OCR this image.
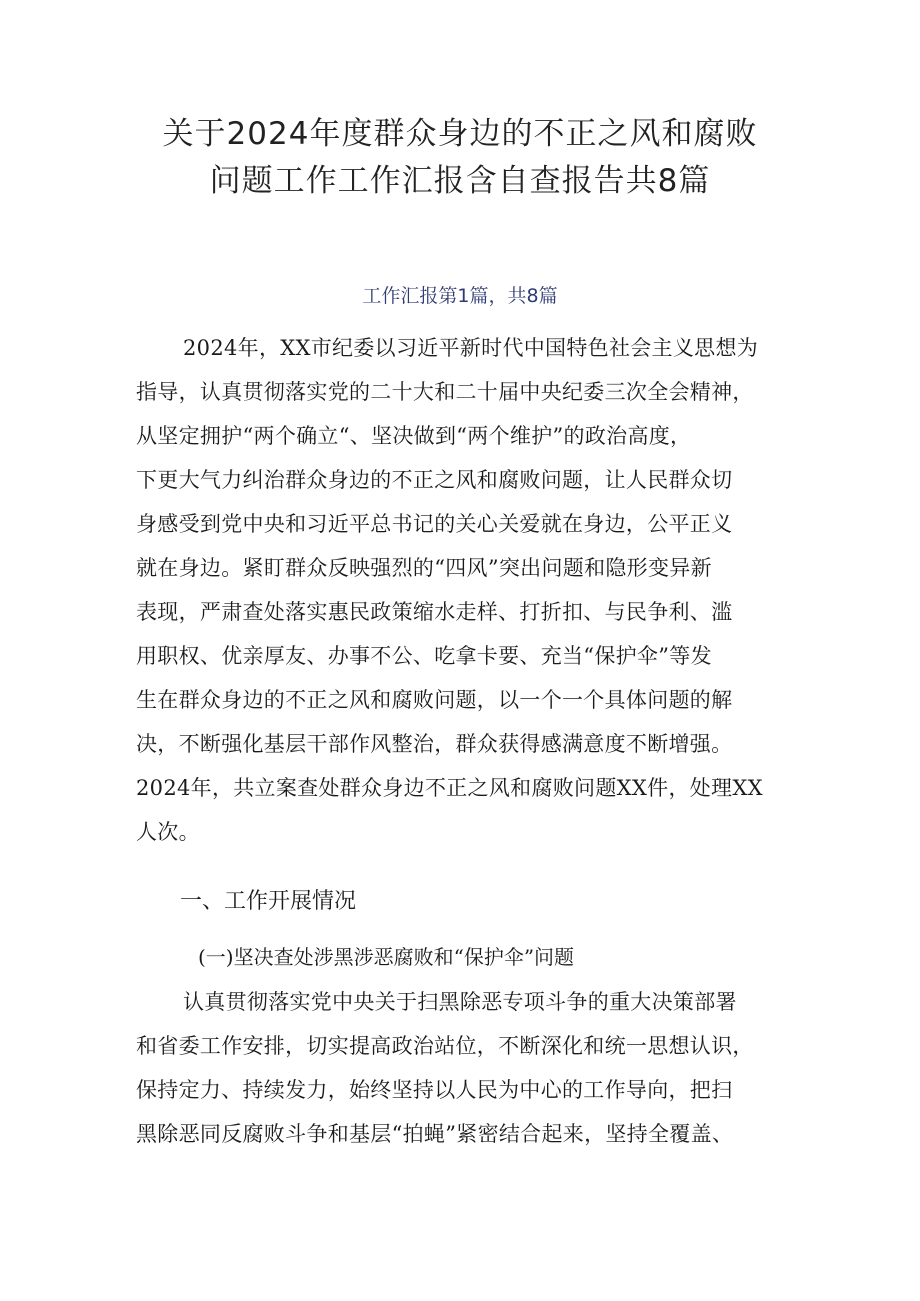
关于2024年度群众身边的不正之风和腐败
问题工作工作汇报含自查报告共8篇
工作汇报第1篇，共8篇
2024年，XX市纪委以习近平新时代中国特色社会主义思想为
指导，认真贯彻落实党的二十大和二十届中央纪委三次全会精神，
从坚定拥护“两个确立“、坚决做到“两个维护”的政治高度，
下更大气力纠治群众身边的不正之风和腐败问题，让人民群众切
身感受到党中央和习近平总书记的关心关爱就在身边，公平正义
就在身边。紧盯群众反映强烈的“四风”突出问题和隐形变异新
表现，严肃查处落实惠民政策缩水走样、打折扣、与民争利、滥
用职权、优亲厚友、办事不公、吃拿卡要、充当“保护伞”等发
生在群众身边的不正之风和腐败问题，以一个一个具体问题的解
决，不断强化基层干部作风整治，群众获得感满意度不断增强。
2024年，共立案查处群众身边不正之风和腐败问题XX件，处理XX
人次。
一、工作开展情况
(一)坚决查处涉黑涉恶腐败和“保护伞”问题
认真贯彻落实党中央关于扫黑除恶专项斗争的重大决策部署
和省委工作安排，切实提高政治站位，不断深化和统一思想认识，
保持定力、持续发力，始终坚持以人民为中心的工作导向，把扫
黑除恶同反腐败斗争和基层“拍蝇”紧密结合起来，坚持全覆盖、
